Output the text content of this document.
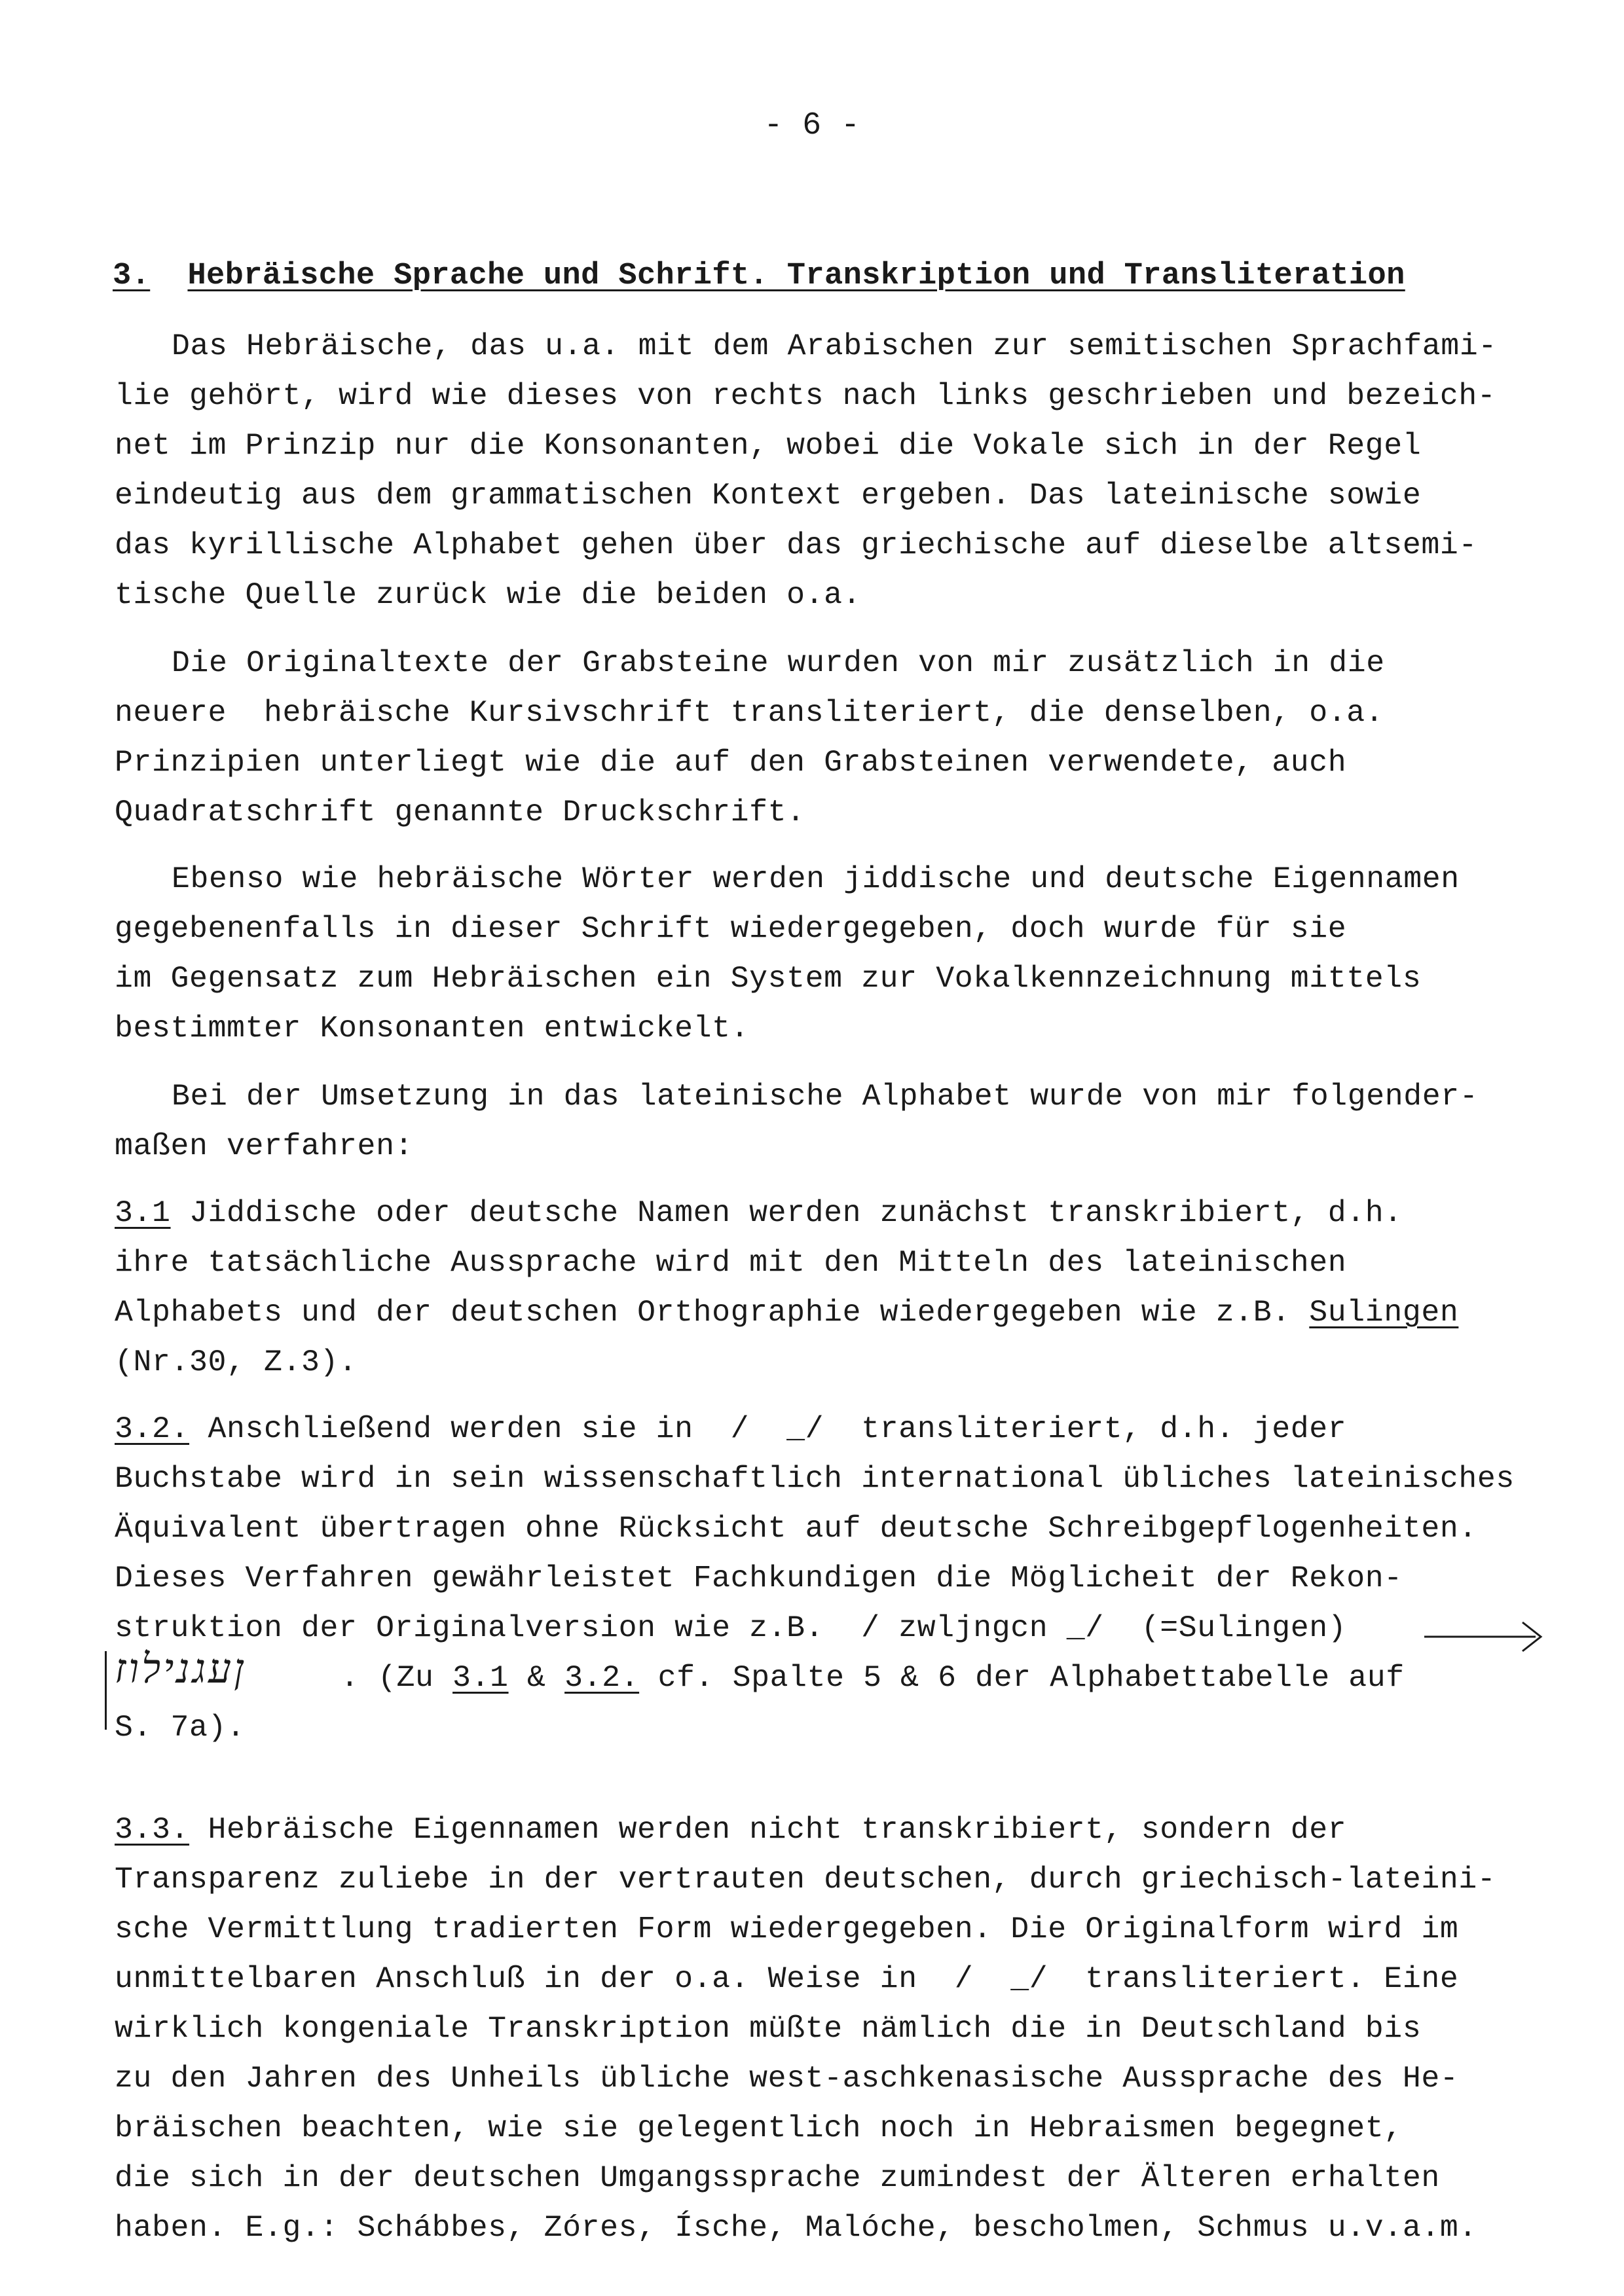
- 6 -
3. Hebräische Sprache und Schrift. Transkription und Transliteration
Das Hebräische, das u.a. mit dem Arabischen zur semitischen Sprachfami-
lie gehört, wird wie dieses von rechts nach links geschrieben und bezeich-
net im Prinzip nur die Konsonanten, wobei die Vokale sich in der Regel
eindeutig aus dem grammatischen Kontext ergeben. Das lateinische sowie
das kyrillische Alphabet gehen über das griechische auf dieselbe altsemi-
tische Quelle zurück wie die beiden o.a.
Die Originaltexte der Grabsteine wurden von mir zusätzlich in die
neuere  hebräische Kursivschrift transliteriert, die denselben, o.a.
Prinzipien unterliegt wie die auf den Grabsteinen verwendete, auch
Quadratschrift genannte Druckschrift.
Ebenso wie hebräische Wörter werden jiddische und deutsche Eigennamen
gegebenenfalls in dieser Schrift wiedergegeben, doch wurde für sie
im Gegensatz zum Hebräischen ein System zur Vokalkennzeichnung mittels
bestimmter Konsonanten entwickelt.
Bei der Umsetzung in das lateinische Alphabet wurde von mir folgender-
maßen verfahren:
3.1 Jiddische oder deutsche Namen werden zunächst transkribiert, d.h.
ihre tatsächliche Aussprache wird mit den Mitteln des lateinischen
Alphabets und der deutschen Orthographie wiedergegeben wie z.B. Sulingen
(Nr.30, Z.3).
3.2. Anschließend werden sie in  /  _/  transliteriert, d.h. jeder
Buchstabe wird in sein wissenschaftlich international übliches lateinisches
Äquivalent übertragen ohne Rücksicht auf deutsche Schreibgepflogenheiten.
Dieses Verfahren gewährleistet Fachkundigen die Möglicheit der Rekon-
struktion der Originalversion wie z.B.  / zwljngcn _/  (=Sulingen)
ןעגנילוז	. (Zu 3.1 & 3.2. cf. Spalte 5 & 6 der Alphabettabelle auf
S. 7a).
3.3. Hebräische Eigennamen werden nicht transkribiert, sondern der
Transparenz zuliebe in der vertrauten deutschen, durch griechisch-lateini-
sche Vermittlung tradierten Form wiedergegeben. Die Originalform wird im
unmittelbaren Anschluß in der o.a. Weise in  /  _/  transliteriert. Eine
wirklich kongeniale Transkription müßte nämlich die in Deutschland bis
zu den Jahren des Unheils übliche west-aschkenasische Aussprache des He-
bräischen beachten, wie sie gelegentlich noch in Hebraismen begegnet,
die sich in der deutschen Umgangssprache zumindest der Älteren erhalten
haben. E.g.: Schábbes, Zóres, Ísche, Malóche, bescholmen, Schmus u.v.a.m.
